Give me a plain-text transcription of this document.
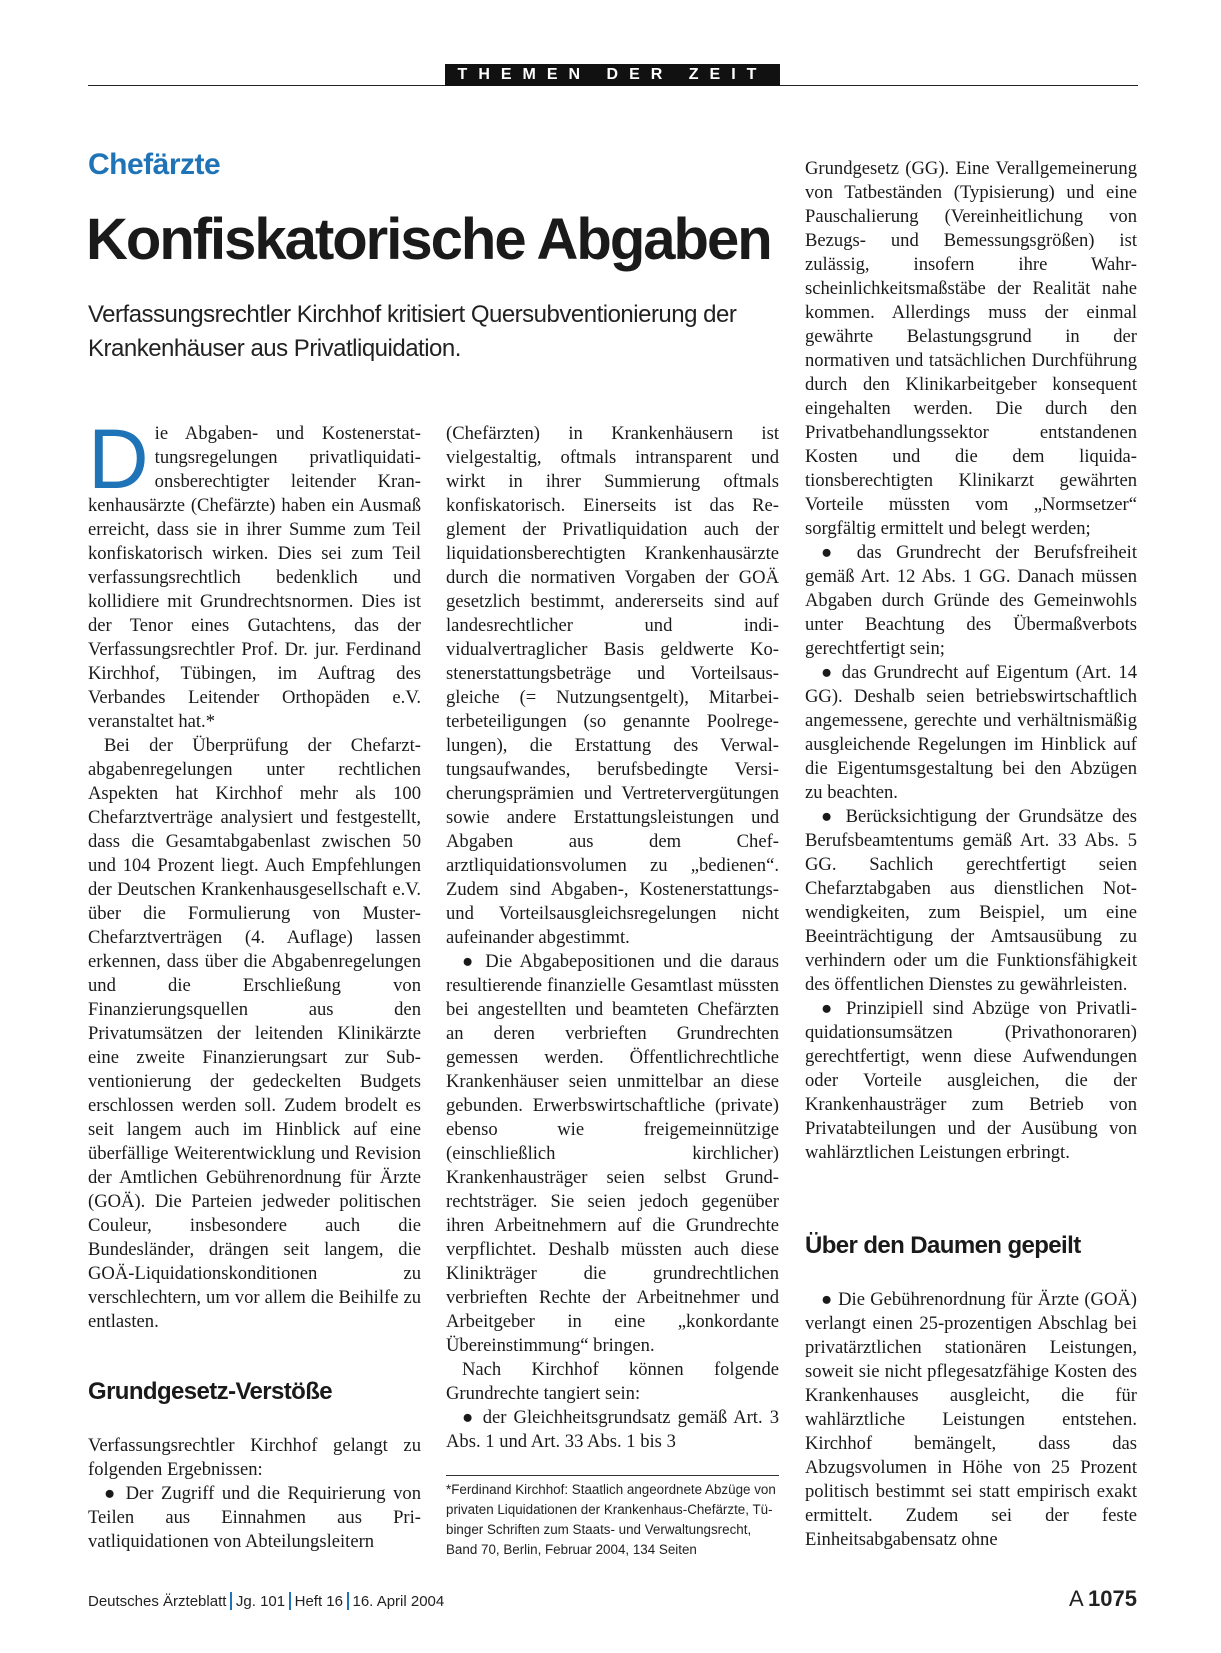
THEMEN DER ZEIT
Chefärzte
Konfiskatorische Abgaben
Verfassungsrechtler Kirchhof kritisiert Quersubventionierung der Krankenhäuser aus Privatliquidation.

Die Abgaben- und Kostenerstattungsregelungen privatliquidationsberechtigter leitender Krankenhausärzte (Chefärzte) haben ein Ausmaß erreicht, dass sie in ihrer Summe zum Teil konfiskatorisch wirken. Dies sei zum Teil verfassungsrechtlich bedenklich und kollidiere mit Grundrechtsnormen. Dies ist der Tenor eines Gutachtens, das der Verfassungsrechtler Prof. Dr. jur. Ferdinand Kirchhof, Tübingen, im Auftrag des Verbandes Leitender Orthopäden e.V. veranstaltet hat.*

Bei der Überprüfung der Chefarztabgabenregelungen unter rechtlichen Aspekten hat Kirchhof mehr als 100 Chefarztverträge analysiert und festgestellt, dass die Gesamtabgabenlast zwischen 50 und 104 Prozent liegt. Auch Empfehlungen der Deutschen Krankenhausgesellschaft e.V. über die Formulierung von Muster-Chefarztverträgen (4. Auflage) lassen erkennen, dass über die Abgabenregelungen und die Erschließung von Finanzierungsquellen aus den Privatumsätzen der leitenden Klinikärzte eine zweite Finanzierungsart zur Subventionierung der gedeckelten Budgets erschlossen werden soll. Zudem brodelt es seit langem auch im Hinblick auf eine überfällige Weiterentwicklung und Revision der Amtlichen Gebührenordnung für Ärzte (GOÄ). Die Parteien jedweder politischen Couleur, insbesondere auch die Bundesländer, drängen seit langem, die GOÄ-Liquidationskonditionen zu verschlechtern, um vor allem die Beihilfe zu entlasten.

Grundgesetz-Verstöße

Verfassungsrechtler Kirchhof gelangt zu folgenden Ergebnissen:

● Der Zugriff und die Requirierung von Teilen aus Einnahmen aus Privatliquidationen von Abteilungsleitern

(Chefärzten) in Krankenhäusern ist vielgestaltig, oftmals intransparent und wirkt in ihrer Summierung oftmals konfiskatorisch. Einerseits ist das Reglement der Privatliquidation auch der liquidationsberechtigten Krankenhausärzte durch die normativen Vorgaben der GOÄ gesetzlich bestimmt, andererseits sind auf landesrechtlicher und individualvertraglicher Basis geldwerte Kostenerstattungsbeträge und Vorteilsausgleiche (= Nutzungsentgelt), Mitarbeiterbeteiligungen (so genannte Poolregelungen), die Erstattung des Verwaltungsaufwandes, berufsbedingte Versicherungsprämien und Vertretervergütungen sowie andere Erstattungsleistungen und Abgaben aus dem Chefarztliquidationsvolumen zu „bedienen“. Zudem sind Abgaben-, Kostenerstattungs- und Vorteilsausgleichsregelungen nicht aufeinander abgestimmt.

● Die Abgabepositionen und die daraus resultierende finanzielle Gesamtlast müssten bei angestellten und beamteten Chefärzten an deren verbrieften Grundrechten gemessen werden. Öffentlichrechtliche Krankenhäuser seien unmittelbar an diese gebunden. Erwerbswirtschaftliche (private) ebenso wie freigemeinnützige (einschließlich kirchlicher) Krankenhausträger seien selbst Grundrechtsträger. Sie seien jedoch gegenüber ihren Arbeitnehmern auf die Grundrechte verpflichtet. Deshalb müssten auch diese Klinikträger die grundrechtlichen verbrieften Rechte der Arbeitnehmer und Arbeitgeber in eine „konkordante Übereinstimmung“ bringen.

Nach Kirchhof können folgende Grundrechte tangiert sein:

● der Gleichheitsgrundsatz gemäß Art. 3 Abs. 1 und Art. 33 Abs. 1 bis 3

*Ferdinand Kirchhof: Staatlich angeordnete Abzüge von privaten Liquidationen der Krankenhaus-Chefärzte, Tübinger Schriften zum Staats- und Verwaltungsrecht, Band 70, Berlin, Februar 2004, 134 Seiten

Grundgesetz (GG). Eine Verallgemeinerung von Tatbeständen (Typisierung) und eine Pauschalierung (Vereinheitlichung von Bezugs- und Bemessungsgrößen) ist zulässig, insofern ihre Wahrscheinlichkeitsmaßstäbe der Realität nahe kommen. Allerdings muss der einmal gewährte Belastungsgrund in der normativen und tatsächlichen Durchführung durch den Klinikarbeitgeber konsequent eingehalten werden. Die durch den Privatbehandlungssektor entstandenen Kosten und die dem liquidationsberechtigten Klinikarzt gewährten Vorteile müssten vom „Normsetzer“ sorgfältig ermittelt und belegt werden;

● das Grundrecht der Berufsfreiheit gemäß Art. 12 Abs. 1 GG. Danach müssen Abgaben durch Gründe des Gemeinwohls unter Beachtung des Übermaßverbots gerechtfertigt sein;

● das Grundrecht auf Eigentum (Art. 14 GG). Deshalb seien betriebswirtschaftlich angemessene, gerechte und verhältnismäßig ausgleichende Regelungen im Hinblick auf die Eigentumsgestaltung bei den Abzügen zu beachten.

● Berücksichtigung der Grundsätze des Berufsbeamtentums gemäß Art. 33 Abs. 5 GG. Sachlich gerechtfertigt seien Chefarztabgaben aus dienstlichen Notwendigkeiten, zum Beispiel, um eine Beeinträchtigung der Amtsausübung zu verhindern oder um die Funktionsfähigkeit des öffentlichen Dienstes zu gewährleisten.

● Prinzipiell sind Abzüge von Privatliquidationsumsätzen (Privathonoraren) gerechtfertigt, wenn diese Aufwendungen oder Vorteile ausgleichen, die der Krankenhausträger zum Betrieb von Privatabteilungen und der Ausübung von wahlärztlichen Leistungen erbringt.

Über den Daumen gepeilt

● Die Gebührenordnung für Ärzte (GOÄ) verlangt einen 25-prozentigen Abschlag bei privatärztlichen stationären Leistungen, soweit sie nicht pflegesatzfähige Kosten des Krankenhauses ausgleicht, die für wahlärztliche Leistungen entstehen. Kirchhof bemängelt, dass das Abzugsvolumen in Höhe von 25 Prozent politisch bestimmt sei statt empirisch exakt ermittelt. Zudem sei der feste Einheitsabgabensatz ohne

Deutsches Ärzteblatt Jg. 101 Heft 16 16. April 2004	A  1075
